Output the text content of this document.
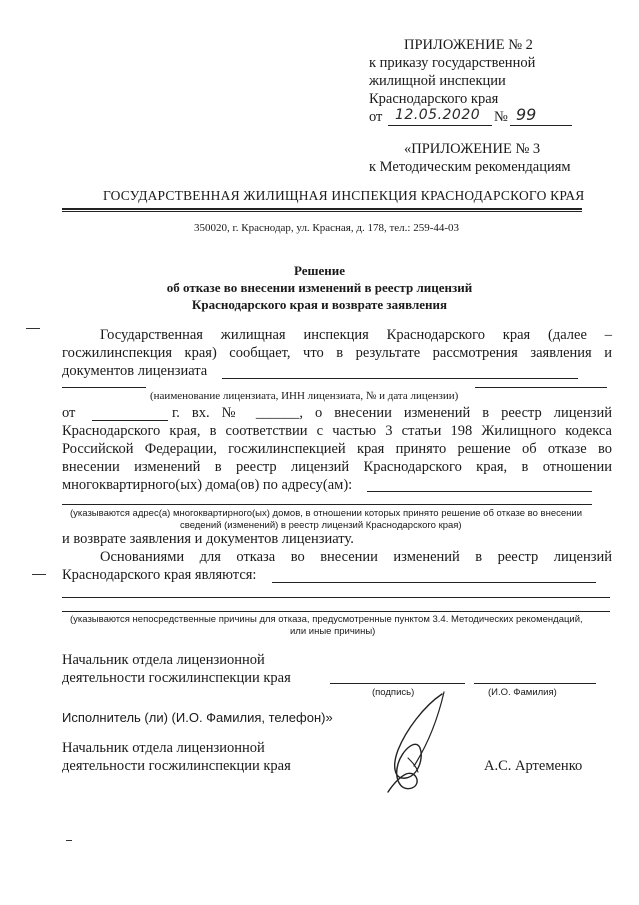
ПРИЛОЖЕНИЕ № 2
к приказу государственной
жилищной инспекции
Краснодарского края
от 12.05.2020 № 99
«ПРИЛОЖЕНИЕ № 3
к Методическим рекомендациям
ГОСУДАРСТВЕННАЯ ЖИЛИЩНАЯ ИНСПЕКЦИЯ КРАСНОДАРСКОГО КРАЯ
350020, г. Краснодар, ул. Красная, д. 178, тел.: 259-44-03
Решение
об отказе во внесении изменений в реестр лицензий
Краснодарского края и возврате заявления
Государственная жилищная инспекция Краснодарского края (далее –
госжилинспекция края) сообщает, что в результате рассмотрения заявления и
документов лицензиата
(наименование лицензиата, ИНН лицензиата, № и дата лицензии)
от	г. вх. № ______, о внесении изменений в реестр лицензий
Краснодарского края, в соответствии с частью 3 статьи 198 Жилищного кодекса
Российской Федерации, госжилинспекцией края принято решение об отказе во
внесении изменений в реестр лицензий Краснодарского края, в отношении
многоквартирного(ых) дома(ов) по адресу(ам):
(указываются адрес(а) многоквартирного(ых) домов, в отношении которых принято решение об отказе во внесении
сведений (изменений) в реестр лицензий Краснодарского края)
и возврате заявления и документов лицензиату.
Основаниями для отказа во внесении изменений в реестр лицензий
Краснодарского края являются:
(указываются непосредственные причины для отказа, предусмотренные пунктом 3.4. Методических рекомендаций,
или иные причины)
Начальник отдела лицензионной
деятельности госжилинспекции края
(подпись)	(И.О. Фамилия)
Исполнитель (ли) (И.О. Фамилия, телефон)»
Начальник отдела лицензионной
деятельности госжилинспекции края	А.С. Артеменко
